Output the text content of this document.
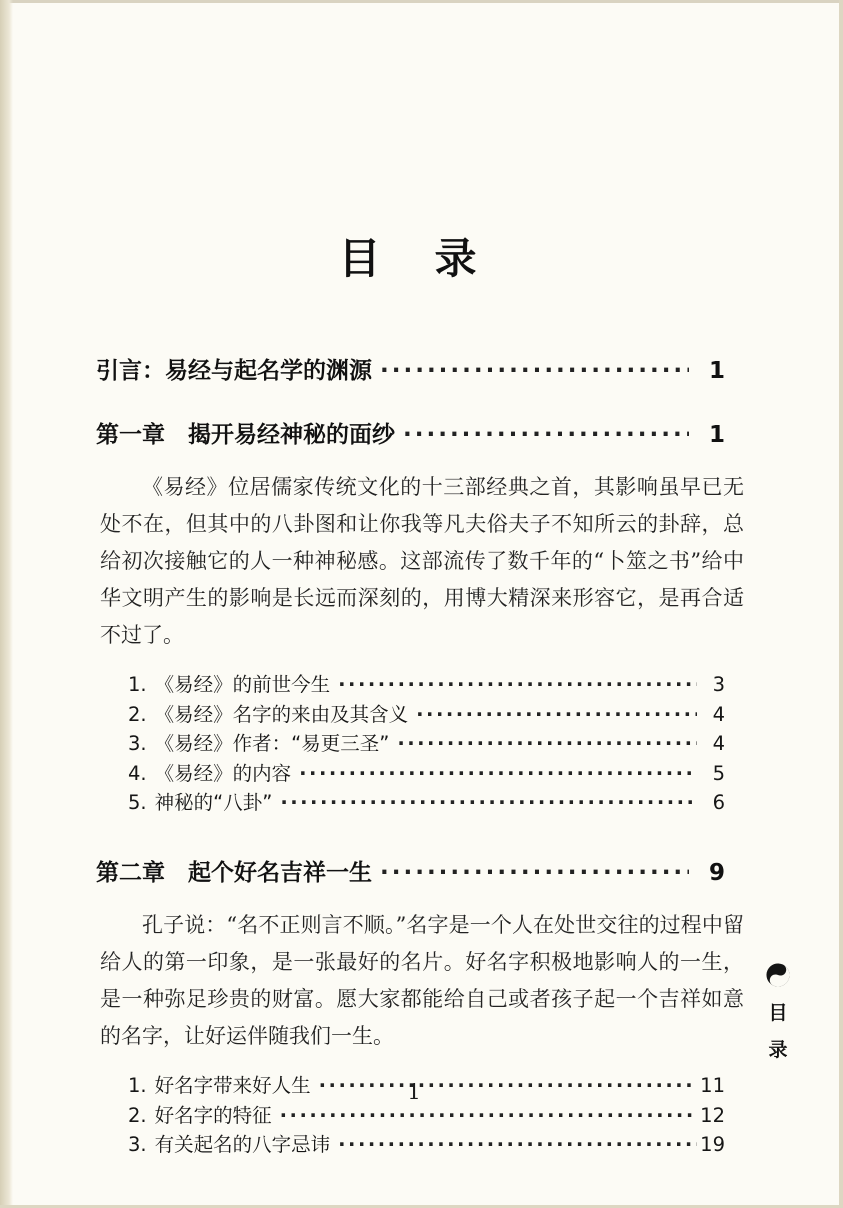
目　录
引言：易经与起名学的渊源 ·····	1
第一章　揭开易经神秘的面纱 ·····	1
《易经》位居儒家传统文化的十三部经典之首，其影响虽早已无处不在，但其中的八卦图和让你我等凡夫俗夫子不知所云的卦辞，总给初次接触它的人一种神秘感。这部流传了数千年的“卜筮之书”给中华文明产生的影响是长远而深刻的，用博大精深来形容它，是再合适不过了。
1. 《易经》的前世今生 ·····	3
2. 《易经》名字的来由及其含义 ·····	4
3. 《易经》作者：“易更三圣” ·····	4
4. 《易经》的内容 ·····	5
5. 神秘的“八卦” ·····	6
第二章　起个好名吉祥一生 ·····	9
孔子说：“名不正则言不顺。”名字是一个人在处世交往的过程中留给人的第一印象，是一张最好的名片。好名字积极地影响人的一生，是一种弥足珍贵的财富。愿大家都能给自己或者孩子起一个吉祥如意的名字，让好运伴随我们一生。
1. 好名字带来好人生 ·····	11
2. 好名字的特征 ·····	12
3. 有关起名的八字忌讳 ·····	19
目
录
1
